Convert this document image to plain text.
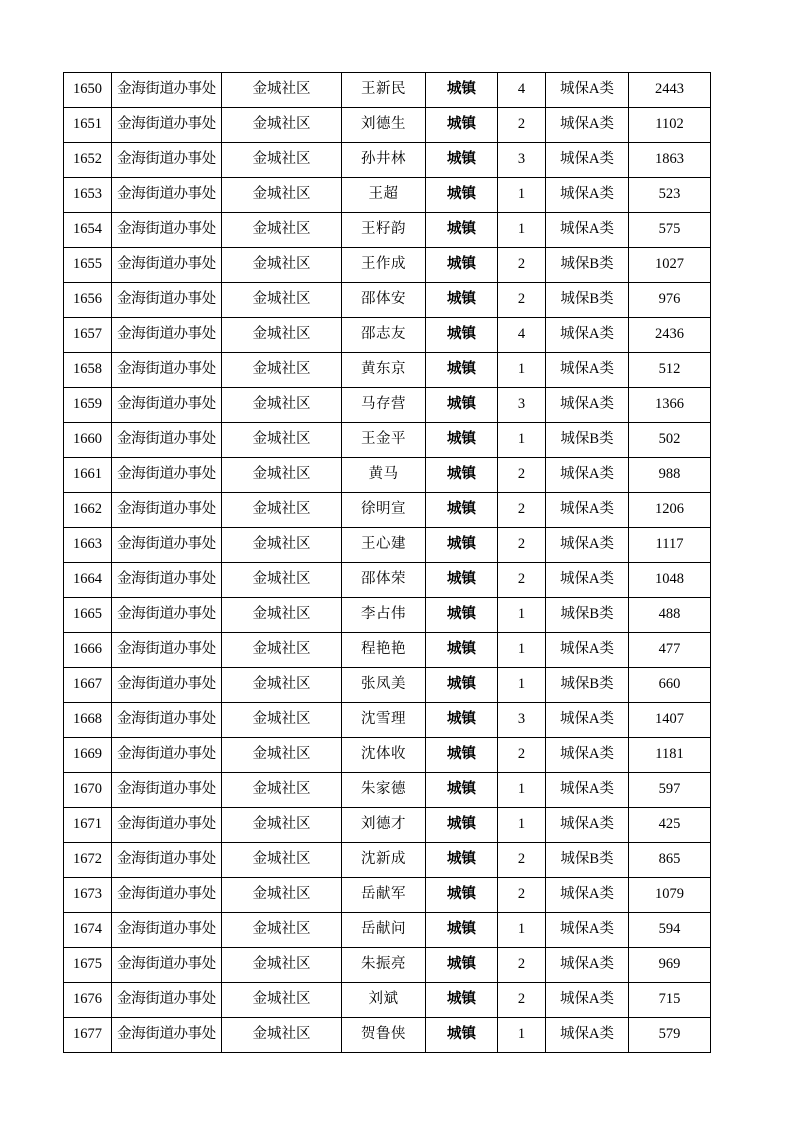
1650	金海街道办事处	金城社区	王新民	城镇	4	城保A类	2443
1651	金海街道办事处	金城社区	刘德生	城镇	2	城保A类	1102
1652	金海街道办事处	金城社区	孙井林	城镇	3	城保A类	1863
1653	金海街道办事处	金城社区	王超	城镇	1	城保A类	523
1654	金海街道办事处	金城社区	王籽韵	城镇	1	城保A类	575
1655	金海街道办事处	金城社区	王作成	城镇	2	城保B类	1027
1656	金海街道办事处	金城社区	邵体安	城镇	2	城保B类	976
1657	金海街道办事处	金城社区	邵志友	城镇	4	城保A类	2436
1658	金海街道办事处	金城社区	黄东京	城镇	1	城保A类	512
1659	金海街道办事处	金城社区	马存营	城镇	3	城保A类	1366
1660	金海街道办事处	金城社区	王金平	城镇	1	城保B类	502
1661	金海街道办事处	金城社区	黄马	城镇	2	城保A类	988
1662	金海街道办事处	金城社区	徐明宣	城镇	2	城保A类	1206
1663	金海街道办事处	金城社区	王心建	城镇	2	城保A类	1117
1664	金海街道办事处	金城社区	邵体荣	城镇	2	城保A类	1048
1665	金海街道办事处	金城社区	李占伟	城镇	1	城保B类	488
1666	金海街道办事处	金城社区	程艳艳	城镇	1	城保A类	477
1667	金海街道办事处	金城社区	张凤美	城镇	1	城保B类	660
1668	金海街道办事处	金城社区	沈雪理	城镇	3	城保A类	1407
1669	金海街道办事处	金城社区	沈体收	城镇	2	城保A类	1181
1670	金海街道办事处	金城社区	朱家德	城镇	1	城保A类	597
1671	金海街道办事处	金城社区	刘德才	城镇	1	城保A类	425
1672	金海街道办事处	金城社区	沈新成	城镇	2	城保B类	865
1673	金海街道办事处	金城社区	岳献军	城镇	2	城保A类	1079
1674	金海街道办事处	金城社区	岳献问	城镇	1	城保A类	594
1675	金海街道办事处	金城社区	朱振亮	城镇	2	城保A类	969
1676	金海街道办事处	金城社区	刘斌	城镇	2	城保A类	715
1677	金海街道办事处	金城社区	贺鲁侠	城镇	1	城保A类	579
